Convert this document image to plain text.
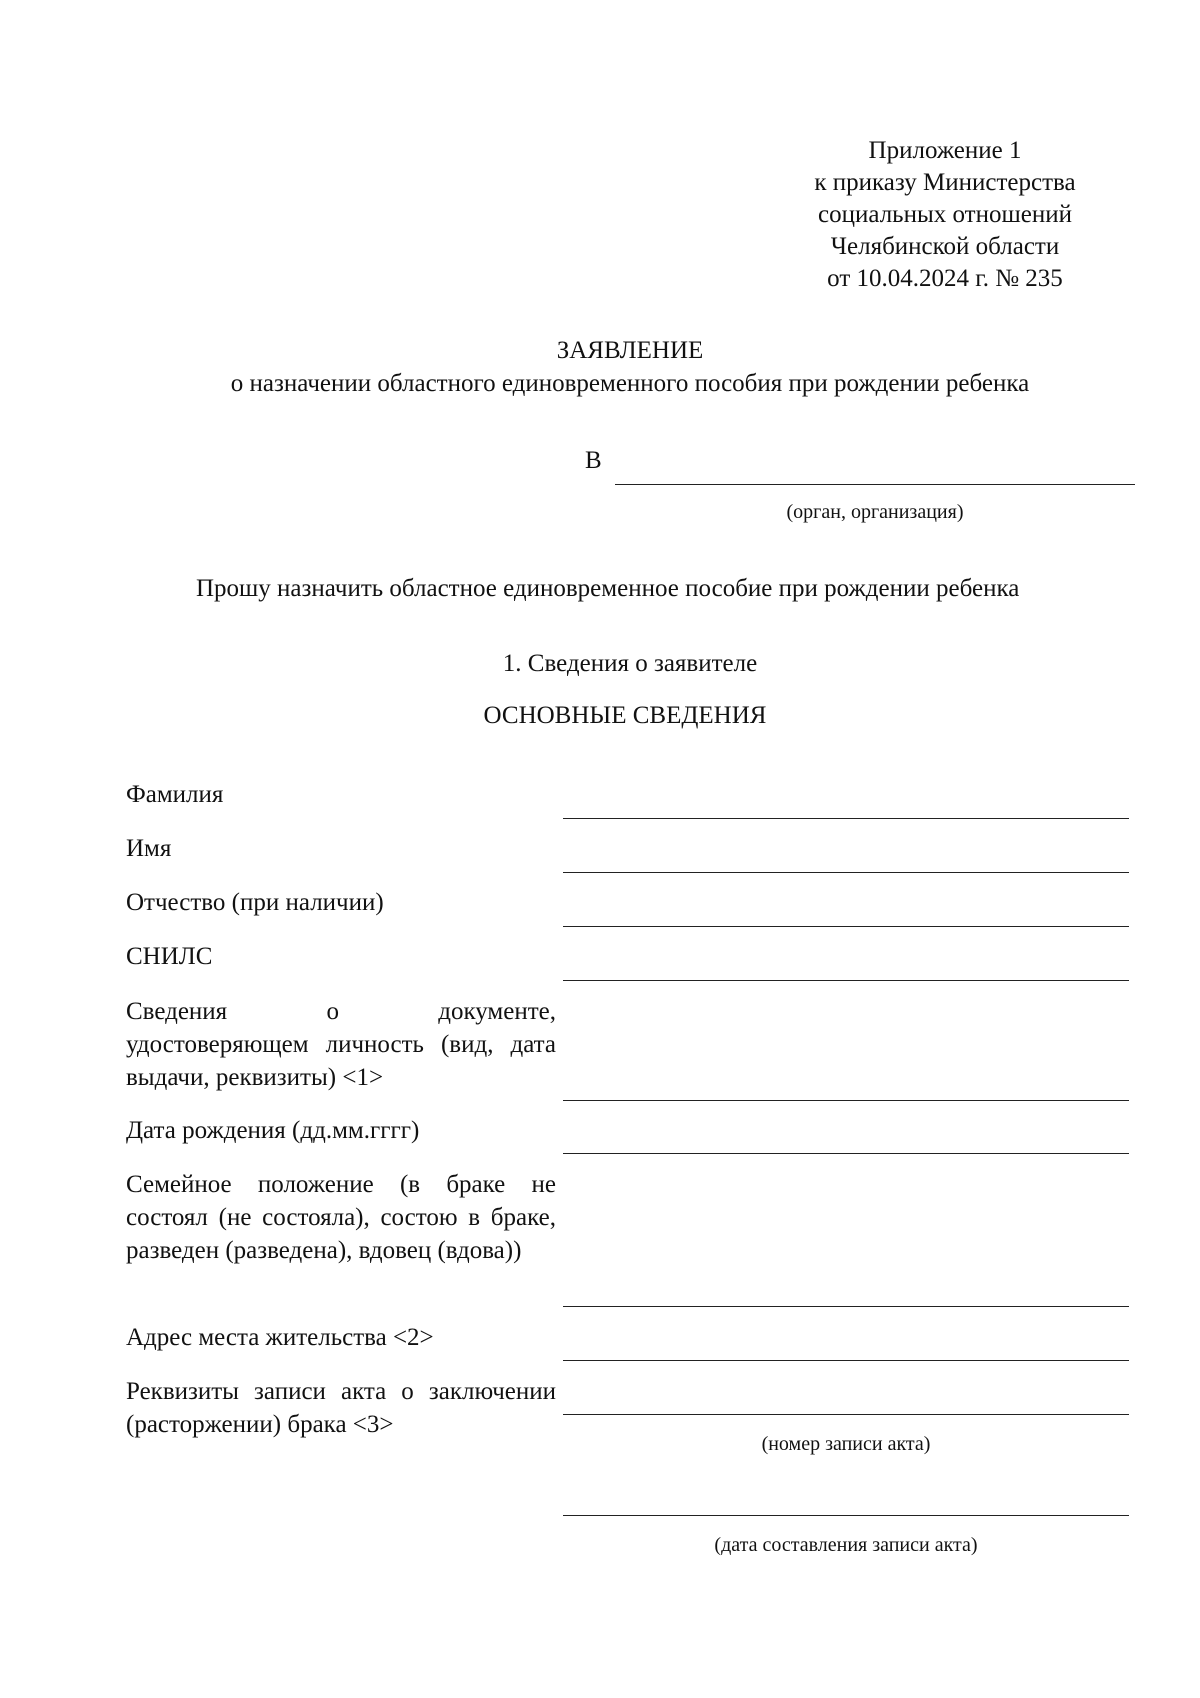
Приложение 1
к приказу Министерства
социальных отношений
Челябинской области
от 10.04.2024 г. № 235
ЗАЯВЛЕНИЕ
о назначении областного единовременного пособия при рождении ребенка
В
(орган, организация)
Прошу назначить областное единовременное пособие при рождении ребенка
1. Сведения о заявителе
ОСНОВНЫЕ СВЕДЕНИЯ
Фамилия
Имя
Отчество (при наличии)
СНИЛС
Сведения о документе, удостоверяющем личность (вид, дата выдачи, реквизиты) <1>
Дата рождения (дд.мм.гггг)
Семейное положение (в браке не состоял (не состояла), состою в браке, разведен (разведена), вдовец (вдова))
Адрес места жительства <2>
Реквизиты записи акта о заключении (расторжении) брака <3>
(номер записи акта)
(дата составления записи акта)
